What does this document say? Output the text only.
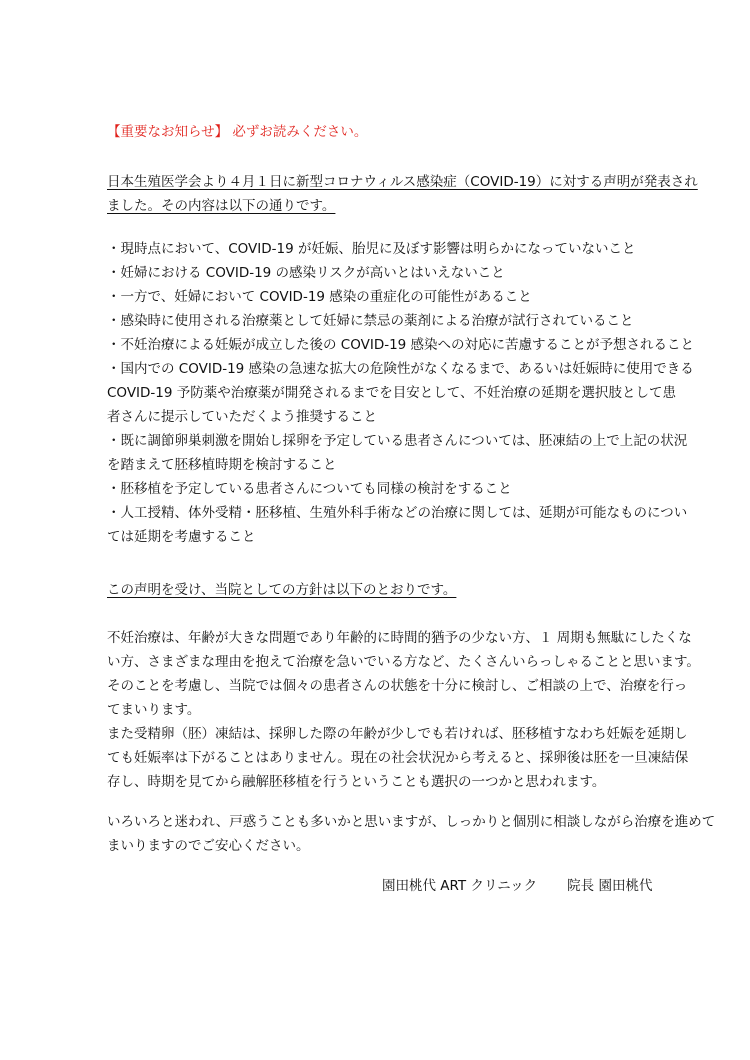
【重要なお知らせ】 必ずお読みください。
日本生殖医学会より４月１日に新型コロナウィルス感染症（COVID-19）に対する声明が発表され
ました。その内容は以下の通りです。
・現時点において、COVID-19 が妊娠、胎児に及ぼす影響は明らかになっていないこと
・妊婦における COVID-19 の感染リスクが高いとはいえないこと
・一方で、妊婦において COVID-19 感染の重症化の可能性があること
・感染時に使用される治療薬として妊婦に禁忌の薬剤による治療が試行されていること
・不妊治療による妊娠が成立した後の COVID-19 感染への対応に苦慮することが予想されること
・国内での COVID-19 感染の急速な拡大の危険性がなくなるまで、あるいは妊娠時に使用できる
COVID-19 予防薬や治療薬が開発されるまでを目安として、不妊治療の延期を選択肢として患
者さんに提示していただくよう推奨すること
・既に調節卵巣刺激を開始し採卵を予定している患者さんについては、胚凍結の上で上記の状況
を踏まえて胚移植時期を検討すること
・胚移植を予定している患者さんについても同様の検討をすること
・人工授精、体外受精・胚移植、生殖外科手術などの治療に関しては、延期が可能なものについ
ては延期を考慮すること
この声明を受け、当院としての方針は以下のとおりです。
不妊治療は、年齢が大きな問題であり年齢的に時間的猶予の少ない方、１ 周期も無駄にしたくな
い方、さまざまな理由を抱えて治療を急いでいる方など、たくさんいらっしゃることと思います。
そのことを考慮し、当院では個々の患者さんの状態を十分に検討し、ご相談の上で、治療を行っ
てまいります。
また受精卵（胚）凍結は、採卵した際の年齢が少しでも若ければ、胚移植すなわち妊娠を延期し
ても妊娠率は下がることはありません。現在の社会状況から考えると、採卵後は胚を一旦凍結保
存し、時期を見てから融解胚移植を行うということも選択の一つかと思われます。
いろいろと迷われ、戸惑うことも多いかと思いますが、しっかりと個別に相談しながら治療を進めて
まいりますのでご安心ください。
園田桃代 ART クリニック 院長 園田桃代
